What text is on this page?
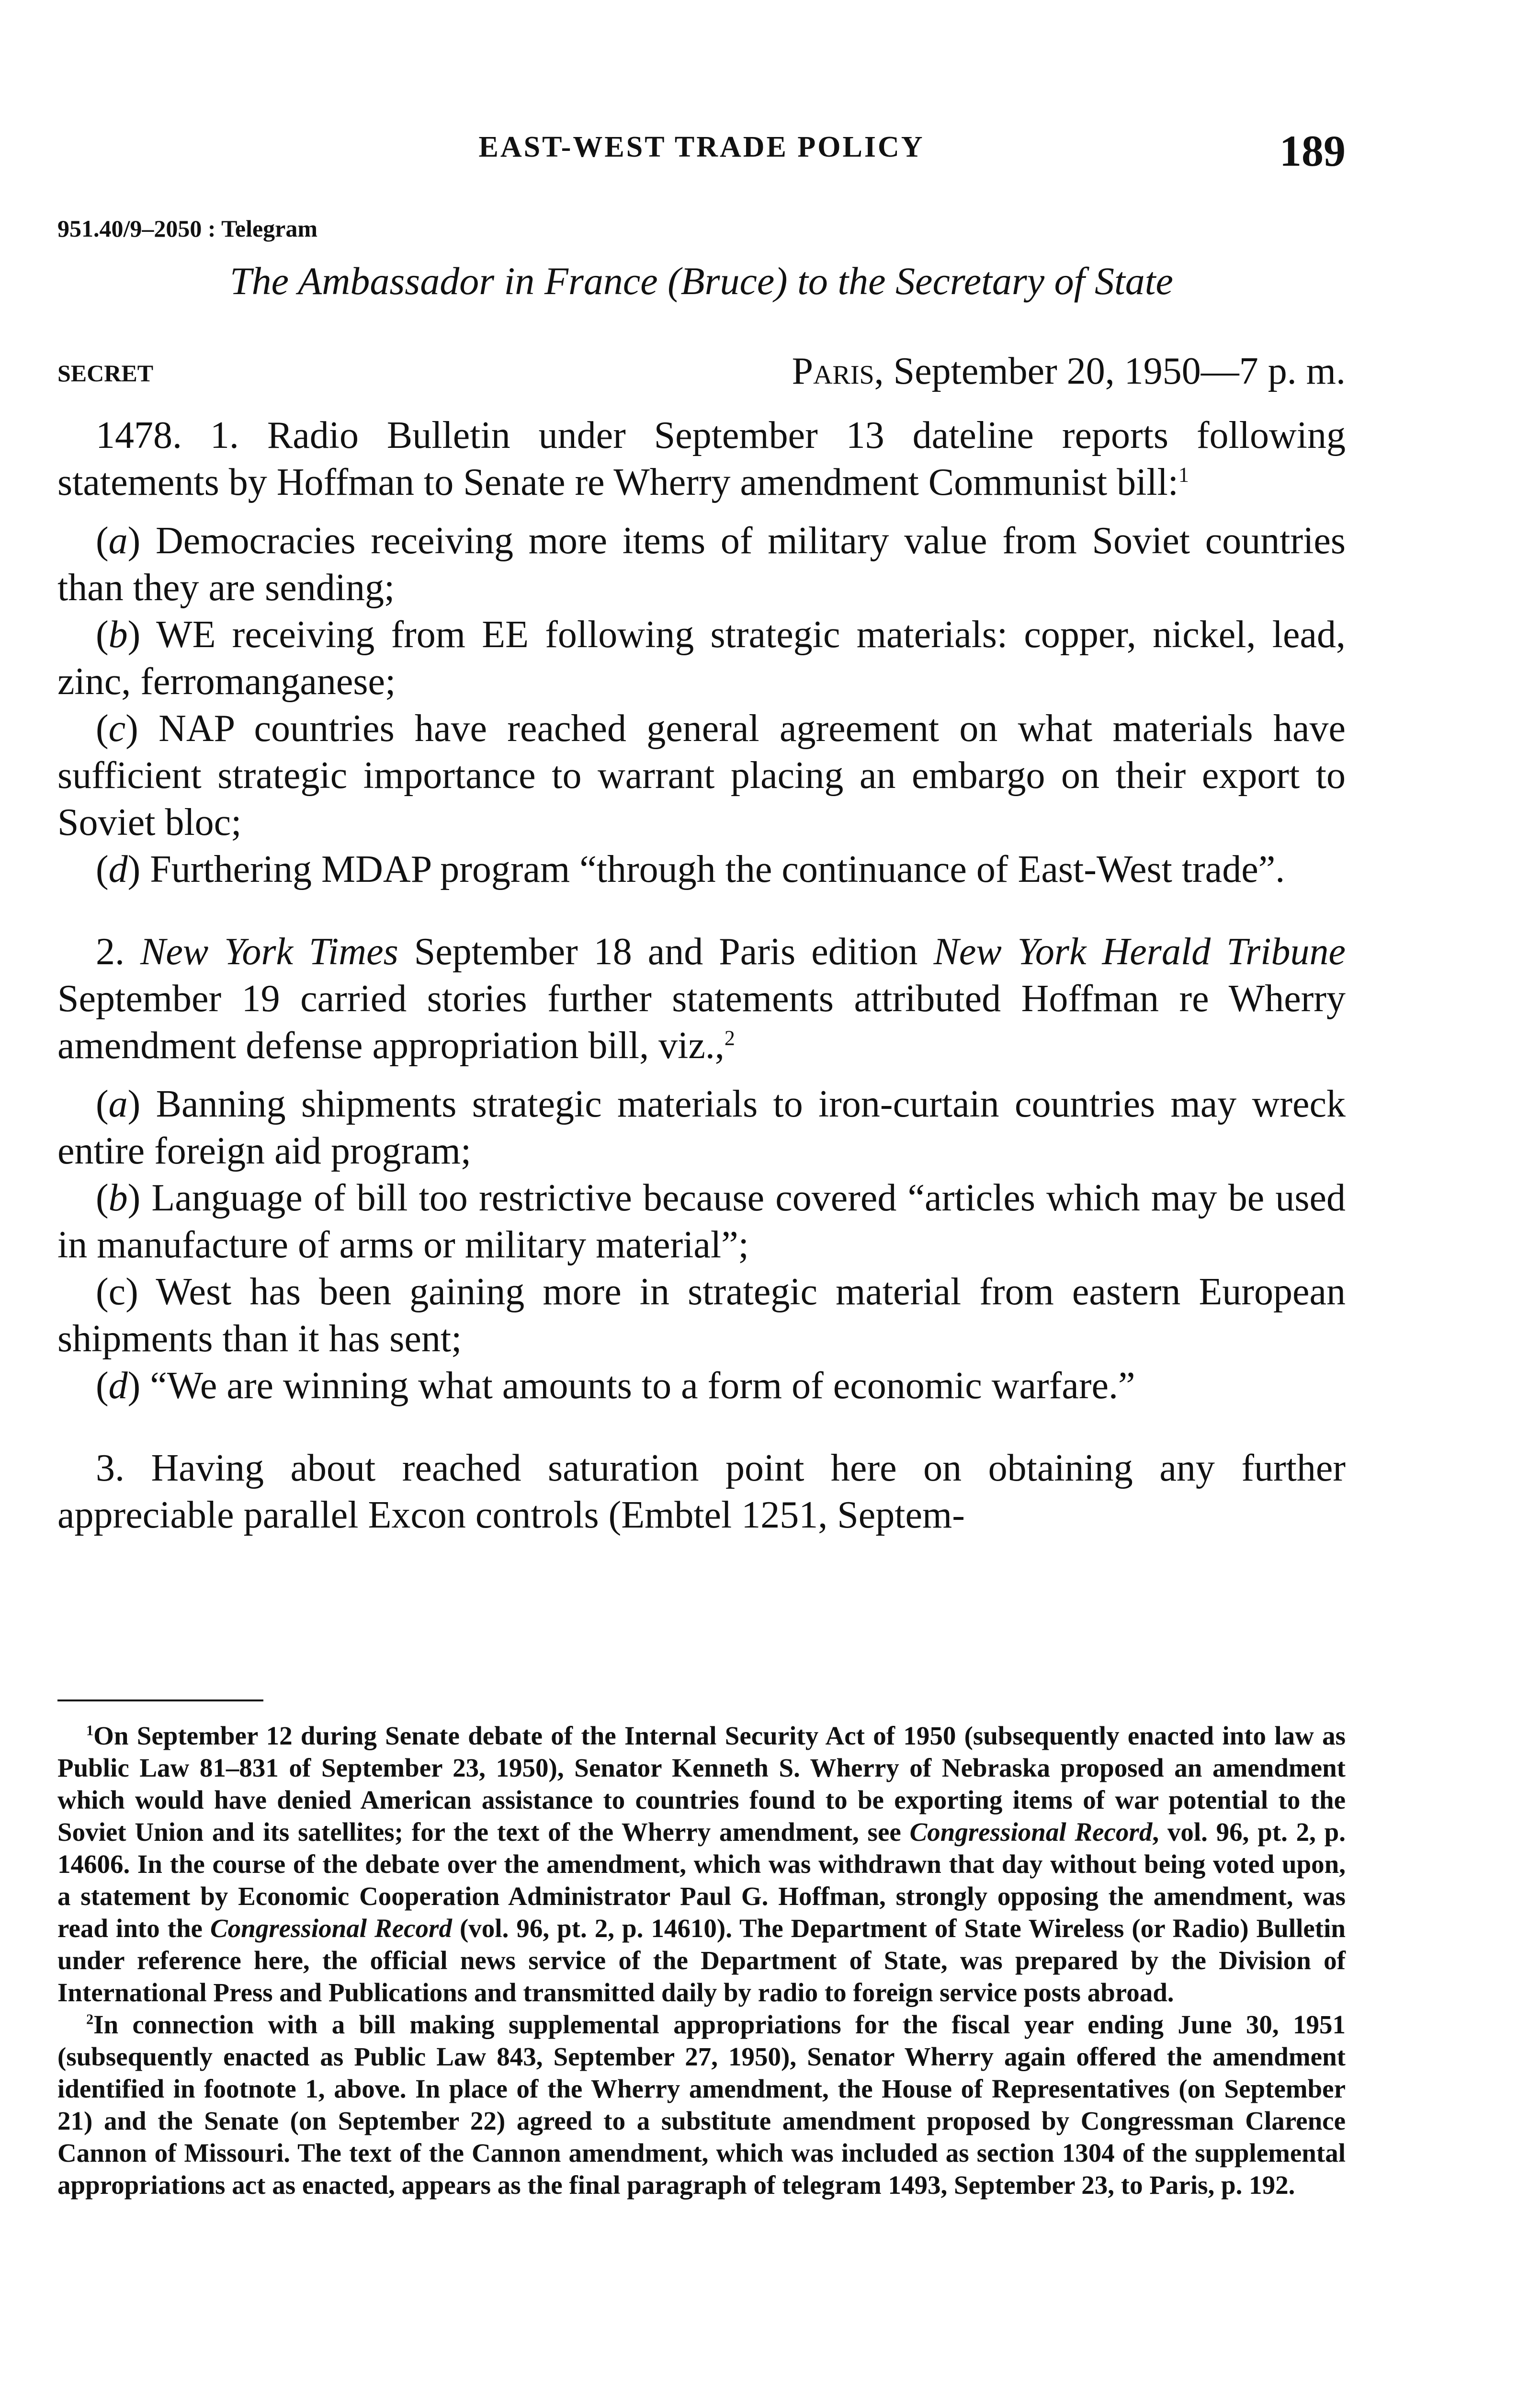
EAST-WEST TRADE POLICY	189
951.40/9–2050 : Telegram
The Ambassador in France (Bruce) to the Secretary of State
SECRET	Paris, September 20, 1950—7 p. m.

1478. 1. Radio Bulletin under September 13 dateline reports following statements by Hoffman to Senate re Wherry amendment Communist bill:$^1$

(a) Democracies receiving more items of military value from Soviet countries than they are sending;

(b) WE receiving from EE following strategic materials: copper, nickel, lead, zinc, ferromanganese;

(c) NAP countries have reached general agreement on what materials have sufficient strategic importance to warrant placing an embargo on their export to Soviet bloc;

(d) Furthering MDAP program “through the continuance of East-West trade”.

2. New York Times September 18 and Paris edition New York Herald Tribune September 19 carried stories further statements attributed Hoffman re Wherry amendment defense appropriation bill, viz.,$^2$

(a) Banning shipments strategic materials to iron-curtain countries may wreck entire foreign aid program;

(b) Language of bill too restrictive because covered “articles which may be used in manufacture of arms or military material”;

(c) West has been gaining more in strategic material from eastern European shipments than it has sent;

(d) “We are winning what amounts to a form of economic warfare.”

3. Having about reached saturation point here on obtaining any further appreciable parallel Excon controls (Embtel 1251, Septem-

$^1$On September 12 during Senate debate of the Internal Security Act of 1950 (subsequently enacted into law as Public Law 81–831 of September 23, 1950), Senator Kenneth S. Wherry of Nebraska proposed an amendment which would have denied American assistance to countries found to be exporting items of war potential to the Soviet Union and its satellites; for the text of the Wherry amendment, see Congressional Record, vol. 96, pt. 2, p. 14606. In the course of the debate over the amendment, which was withdrawn that day without being voted upon, a statement by Economic Cooperation Administrator Paul G. Hoffman, strongly opposing the amendment, was read into the Congressional Record (vol. 96, pt. 2, p. 14610). The Department of State Wireless (or Radio) Bulletin under reference here, the official news service of the Department of State, was prepared by the Division of International Press and Publications and transmitted daily by radio to foreign service posts abroad.

$^2$In connection with a bill making supplemental appropriations for the fiscal year ending June 30, 1951 (subsequently enacted as Public Law 843, September 27, 1950), Senator Wherry again offered the amendment identified in footnote 1, above. In place of the Wherry amendment, the House of Representatives (on September 21) and the Senate (on September 22) agreed to a substitute amendment proposed by Congressman Clarence Cannon of Missouri. The text of the Cannon amendment, which was included as section 1304 of the supplemental appropriations act as enacted, appears as the final paragraph of telegram 1493, September 23, to Paris, p. 192.
